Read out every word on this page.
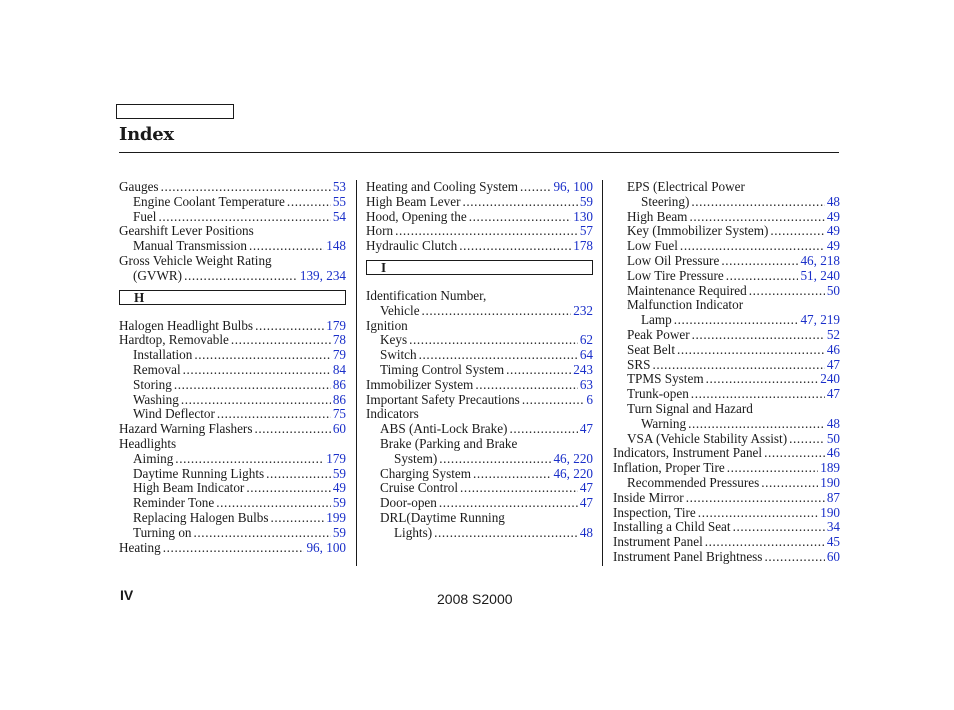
Index
Gauges .....	53
Engine Coolant Temperature .....	55
Fuel .....	54
Gearshift Lever Positions
Manual Transmission .....	148
Gross Vehicle Weight Rating
(GVWR) .....	139, 234
H
Halogen Headlight Bulbs .....	179
Hardtop, Removable .....	78
Installation .....	79
Removal .....	84
Storing .....	86
Washing .....	86
Wind Deflector .....	75
Hazard Warning Flashers .....	60
Headlights
Aiming .....	179
Daytime Running Lights .....	59
High Beam Indicator .....	49
Reminder Tone .....	59
Replacing Halogen Bulbs .....	199
Turning on .....	59
Heating .....	96, 100
Heating and Cooling System .....	96, 100
High Beam Lever .....	59
Hood, Opening the .....	130
Horn .....	57
Hydraulic Clutch .....	178
I
Identification Number,
Vehicle .....	232
Ignition
Keys .....	62
Switch .....	64
Timing Control System .....	243
Immobilizer System .....	63
Important Safety Precautions .....	6
Indicators
ABS (Anti-Lock Brake) .....	47
Brake (Parking and Brake
System) .....	46, 220
Charging System .....	46, 220
Cruise Control .....	47
Door-open .....	47
DRL(Daytime Running
Lights) .....	48
EPS (Electrical Power
Steering) .....	48
High Beam .....	49
Key (Immobilizer System) .....	49
Low Fuel .....	49
Low Oil Pressure .....	46, 218
Low Tire Pressure .....	51, 240
Maintenance Required .....	50
Malfunction Indicator
Lamp .....	47, 219
Peak Power .....	52
Seat Belt .....	46
SRS .....	47
TPMS System .....	240
Trunk-open .....	47
Turn Signal and Hazard
Warning .....	48
VSA (Vehicle Stability Assist) .....	50
Indicators, Instrument Panel .....	46
Inflation, Proper Tire .....	189
Recommended Pressures .....	190
Inside Mirror .....	87
Inspection, Tire .....	190
Installing a Child Seat .....	34
Instrument Panel .....	45
Instrument Panel Brightness .....	60
IV	2008 S2000
